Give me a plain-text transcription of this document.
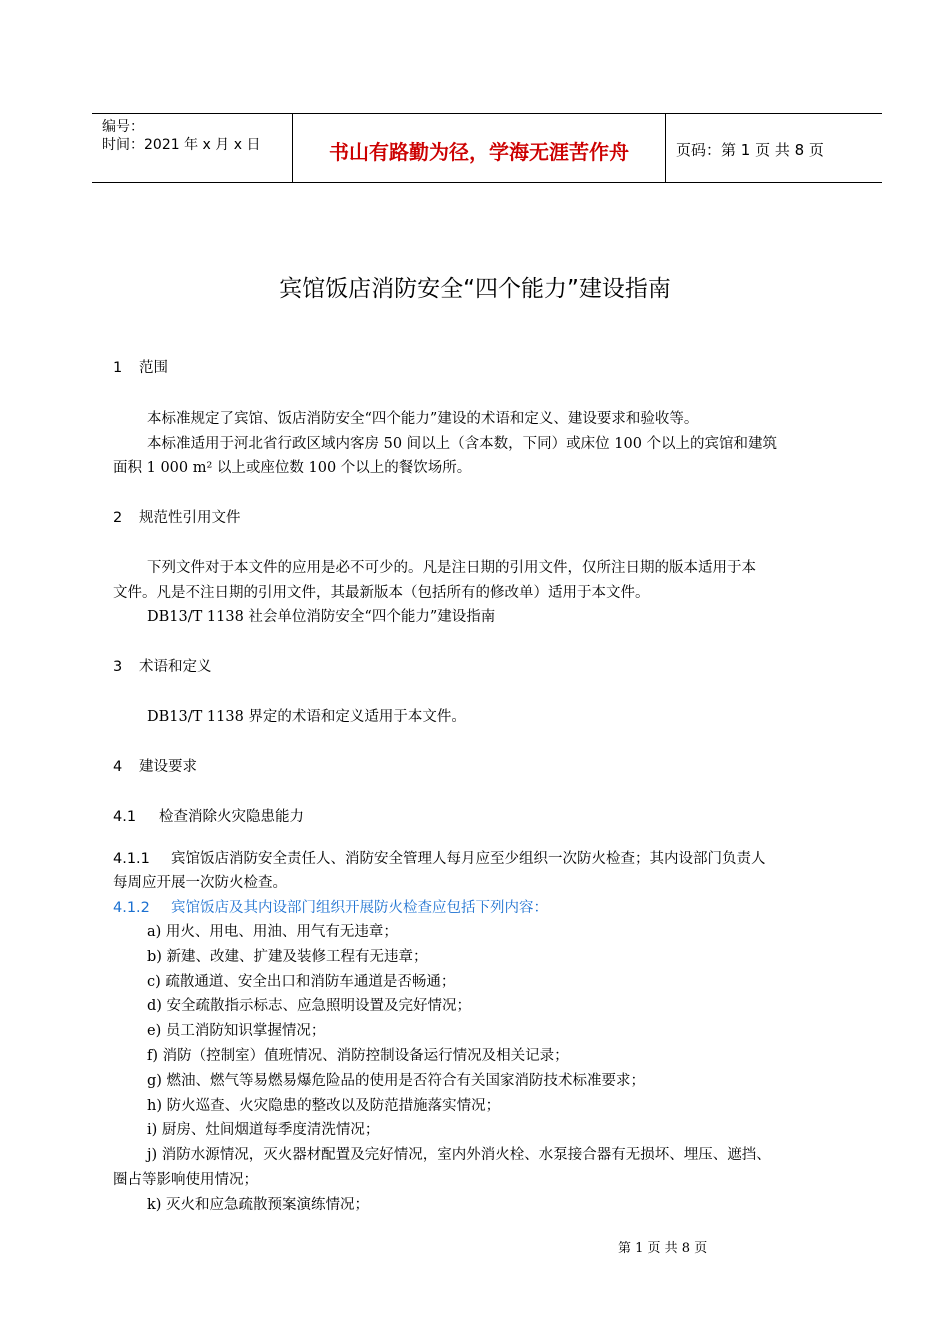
编号：
时间：2021 年 x 月 x 日	书山有路勤为径，学海无涯苦作舟	页码：第 1 页 共 8 页
宾馆饭店消防安全“四个能力”建设指南
1 范围
本标准规定了宾馆、饭店消防安全“四个能力”建设的术语和定义、建设要求和验收等。
本标准适用于河北省行政区域内客房 50 间以上（含本数，下同）或床位 100 个以上的宾馆和建筑
面积 1 000 m² 以上或座位数 100 个以上的餐饮场所。
2 规范性引用文件
下列文件对于本文件的应用是必不可少的。凡是注日期的引用文件，仅所注日期的版本适用于本
文件。凡是不注日期的引用文件，其最新版本（包括所有的修改单）适用于本文件。
DB13/T 1138 社会单位消防安全“四个能力”建设指南
3 术语和定义
DB13/T 1138 界定的术语和定义适用于本文件。
4 建设要求
4.1 检查消除火灾隐患能力
4.1.1 宾馆饭店消防安全责任人、消防安全管理人每月应至少组织一次防火检查；其内设部门负责人
每周应开展一次防火检查。
4.1.2 宾馆饭店及其内设部门组织开展防火检查应包括下列内容：
a) 用火、用电、用油、用气有无违章；
b) 新建、改建、扩建及装修工程有无违章；
c) 疏散通道、安全出口和消防车通道是否畅通；
d) 安全疏散指示标志、应急照明设置及完好情况；
e) 员工消防知识掌握情况；
f) 消防（控制室）值班情况、消防控制设备运行情况及相关记录；
g) 燃油、燃气等易燃易爆危险品的使用是否符合有关国家消防技术标准要求；
h) 防火巡查、火灾隐患的整改以及防范措施落实情况；
i) 厨房、灶间烟道每季度清洗情况；
j) 消防水源情况，灭火器材配置及完好情况，室内外消火栓、水泵接合器有无损坏、埋压、遮挡、
圈占等影响使用情况；
k) 灭火和应急疏散预案演练情况；
第 1 页 共 8 页
